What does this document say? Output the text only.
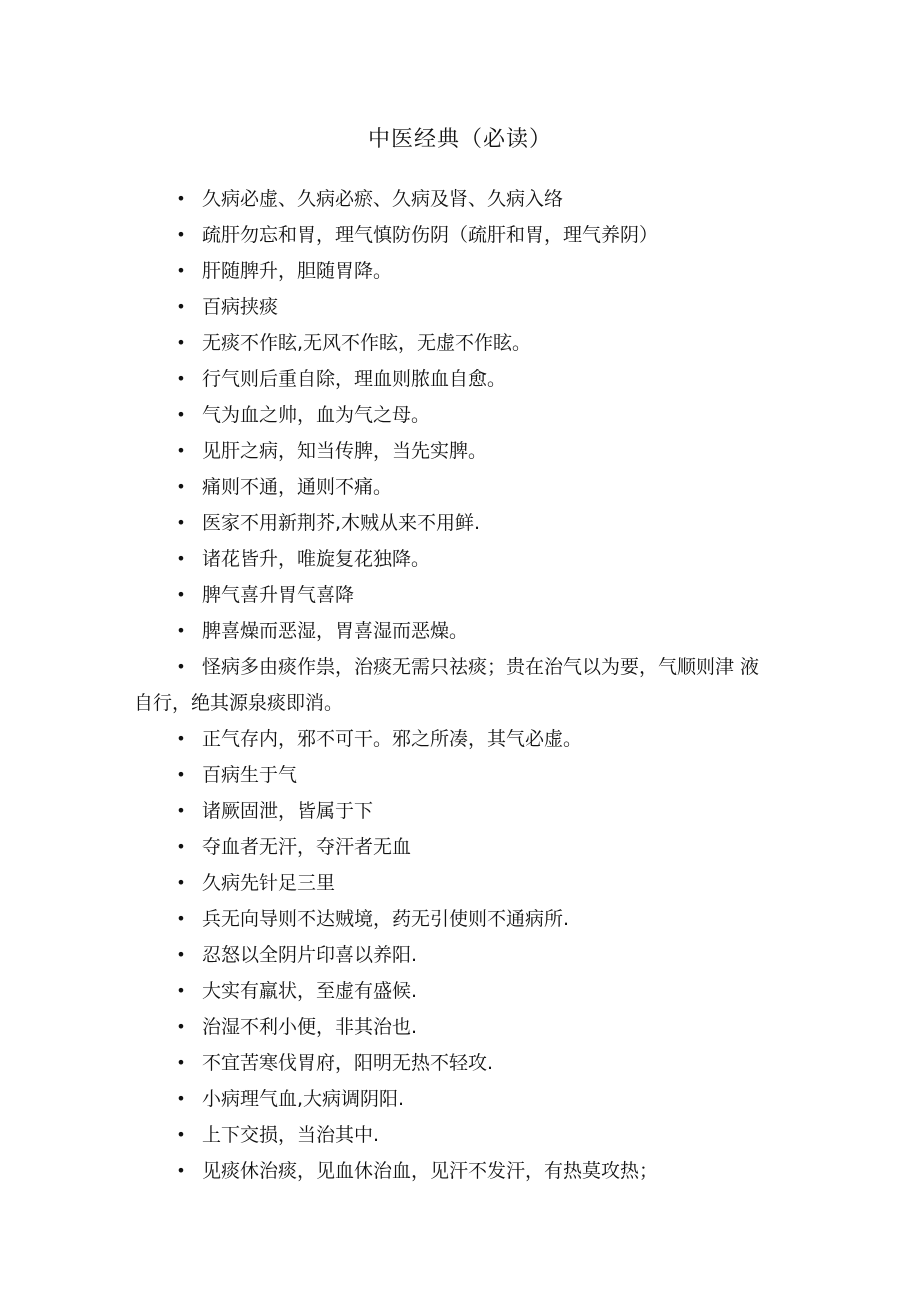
中医经典（必读）
• 久病必虚、久病必瘀、久病及肾、久病入络
• 疏肝勿忘和胃，理气慎防伤阴（疏肝和胃，理气养阴）
• 肝随脾升，胆随胃降。
• 百病挟痰
• 无痰不作眩,无风不作眩，无虚不作眩。
• 行气则后重自除，理血则脓血自愈。
• 气为血之帅，血为气之母。
• 见肝之病，知当传脾，当先实脾。
• 痛则不通，通则不痛。
• 医家不用新荆芥,木贼从来不用鲜.
• 诸花皆升，唯旋复花独降。
• 脾气喜升胃气喜降
• 脾喜燥而恶湿，胃喜湿而恶燥。
• 怪病多由痰作祟，治痰无需只祛痰；贵在治气以为要，气顺则津 液
自行，绝其源泉痰即消。
• 正气存内，邪不可干。邪之所凑，其气必虚。
• 百病生于气
• 诸厥固泄，皆属于下
• 夺血者无汗，夺汗者无血
• 久病先针足三里
• 兵无向导则不达贼境，药无引使则不通病所.
• 忍怒以全阴片印喜以养阳.
• 大实有羸状，至虚有盛候.
• 治湿不利小便，非其治也.
• 不宜苦寒伐胃府，阳明无热不轻攻.
• 小病理气血,大病调阴阳.
• 上下交损，当治其中.
• 见痰休治痰，见血休治血，见汗不发汗，有热莫攻热；
